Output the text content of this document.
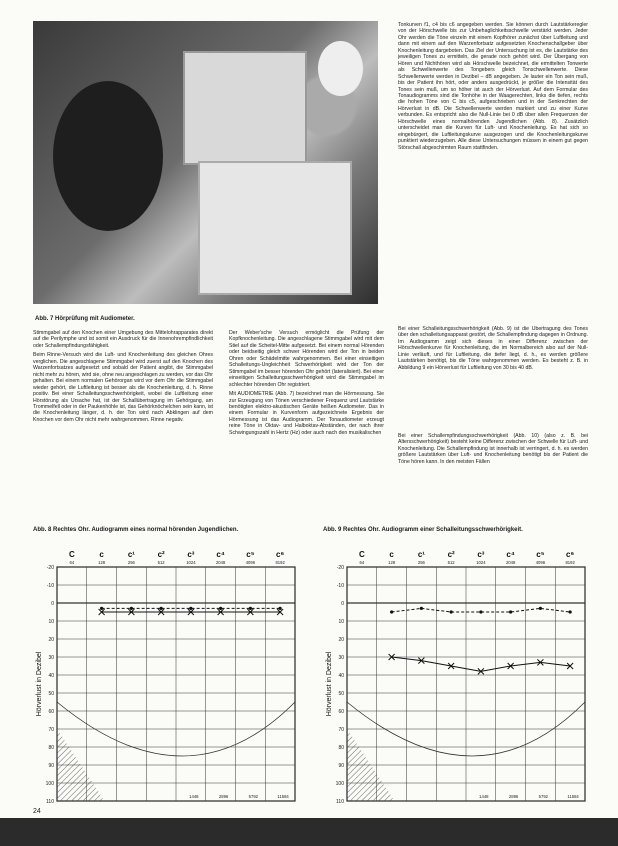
Abb. 7 Hörprüfung mit Audiometer.
Tonkurven f1, c4 bis c6 angegeben werden. Sie können durch Lautstärkeregler von der Hörschwelle bis zur Unbehaglichkeitsschwelle verstärkt werden. Jeder Ohr werden die Töne einzeln mit einem Kopfhörer zunächst über Luftleitung und dann mit einem auf den Warzenfortsatz aufgesetzten Knochenschallgeber über Knochenleitung dargeboten. Das Ziel der Untersuchung ist es, die Lautstärke des jeweiligen Tones zu ermitteln, die gerade noch gehört wird. Der Übergang von Hören und Nichthören wird als Hörschwelle bezeichnet, die ermittelten Tonwerte als Schwellenwerte des Tongebers gleich Tonschwellenwerte. Diese Schwellenwerte werden in Dezibel – dB angegeben. Je lauter ein Ton sein muß, bis der Patient ihn hört, oder anders ausgedrückt, je größer die Intensität des Tones sein muß, um so höher ist auch der Hörverlust. Auf dem Formular des Tonaudiogramms sind die Tonhöhe in der Waagerechten, links die tiefen, rechts die hohen Töne von C bis c5, aufgeschrieben und in der Senkrechten der Hörverlust in dB. Die Schwellenwerte werden markiert und zu einer Kurve verbunden. Es entspricht also die Null-Linie bei 0 dB über allen Frequenzen der Hörschwelle eines normalhörenden Jugendlichen (Abb. 8). Zusätzlich unterscheidet man die Kurven für Luft- und Knochenleitung. Es hat sich so eingebürgert, die Luftleitungskurve ausgezogen und die Knochenleitungskurve punktiert wiederzugeben. Alle diese Untersuchungen müssen in einem gut gegen Störschall abgeschirmten Raum stattfinden.
Bei einer Schalleitungsschwerhörigkeit (Abb. 9) ist die Übertragung des Tones über den schalleitungsapparat gestört, die Schallempfindung dagegen in Ordnung. Im Audiogramm zeigt sich dieses in einer Differenz zwischen der Hörschwellenkurve für Knochenleitung, die im Normalbereich also auf der Null-Linie verläuft, und für Luftleitung, die tiefer liegt, d. h., es werden größere Lautstärken benötigt, bis die Töne wahrgenommen werden. Es besteht z. B. in Abbildung 9 ein Hörverlust für Luftleitung von 30 bis 40 dB.
Bei einer Schallempfindungsschwerhörigkeit (Abb. 10) (also z. B. bei Altersschwerhörigkeit) besteht keine Differenz zwischen der Schwelle für Luft- und Knochenleitung. Die Schallempfindung ist innerhalb ist verringert, d. h. es werden größere Lautstärken über Luft- und Knochenleitung benötigt bis der Patient die Töne hören kann. In den meisten Fällen

Stimmgabel auf den Knochen einer Umgebung des Mittelohrapparates direkt auf die Perilymphe und ist somit ein Ausdruck für die Innenohrempfindlichkeit oder Schallempfindungsfähigkeit.

Beim Rinne-Versuch wird die Luft- und Knochenleitung des gleichen Ohres verglichen. Die angeschlagene Stimmgabel wird zuerst auf den Knochen des Warzenfortsatzes aufgesetzt und sobald der Patient angibt, die Stimmgabel nicht mehr zu hören, wird sie, ohne neu angeschlagen zu werden, vor das Ohr gehalten. Bei einem normalen Gehörorgan wird vor dem Ohr die Stimmgabel wieder gehört, die Luftleitung ist besser als die Knochenleitung, d. h. Rinne positiv. Bei einer Schalleitungsschwerhörigkeit, wobei die Luftleitung einer Hörstörung als Ursache hat, ist der Schallübertragung im Gehörgang, am Trommelfell oder in der Paukenhöhle ist, das Gehörknöchelchen sein kann, ist die Knochenleitung länger, d. h. der Ton wird nach Abklingen auf dem Knochen vor dem Ohr nicht mehr wahrgenommen. Rinne negativ.

Der Weber'sche Versuch ermöglicht die Prüfung der Kopfknochenleitung. Die angeschlagene Stimmgabel wird mit dem Stiel auf die Scheitel-Mitte aufgesetzt. Bei einem normal Hörenden oder beidseitig gleich schwer Hörenden wird der Ton in beiden Ohren oder Schädelmitte wahrgenommen. Bei einer einseitigen Schalleitungs-Ungleichheit Schwerhörigkeit wird der Ton der Stimmgabel im besser hörenden Ohr gehört (lateralisiert). Bei einer einseitigen Schalleitungsschwerhörigkeit wird die Stimmgabel im schlechter hörenden Ohr registriert.

Mit AUDIOMETRIE (Abb. 7) bezeichnet man die Hörmessung. Sie zur Erzeugung von Tönen verschiedener Frequenz und Lautstärke benötigten elektro-akustischen Geräte heißen Audiometer. Das in einem Formular in Kurvenform aufgezeichnete Ergebnis der Hörmessung ist das Audiogramm. Der Tonaudiometer erzeugt reine Töne in Oktav- und Halboktav-Abständen, der nach ihrer Schwingungszahl in Hertz (Hz) oder auch nach den musikalischen

Abb. 8 Rechtes Ohr. Audiogramm eines normal hörenden Jugendlichen.	Abb. 9 Rechtes Ohr. Audiogramm einer Schalleitungsschwerhörigkeit.
-20
-10
0
10
20
30
40
50
60
70
80
90
100
110
C
64
c
128
c¹
256
c²
512
c³
1024
c⁴
2048
c⁵
4096
c⁶
8192
1448	2896	5792	11584
Hörverlust in Dezibel
-20
-10
0
10
20
30
40
50
60
70
80
90
100
110
C
64
c
128
c¹
256
c²
512
c³
1024
c⁴
2048
c⁵
4096
c⁶
8192
1448	2896	5792	11584
Hörverlust in Dezibel
24
